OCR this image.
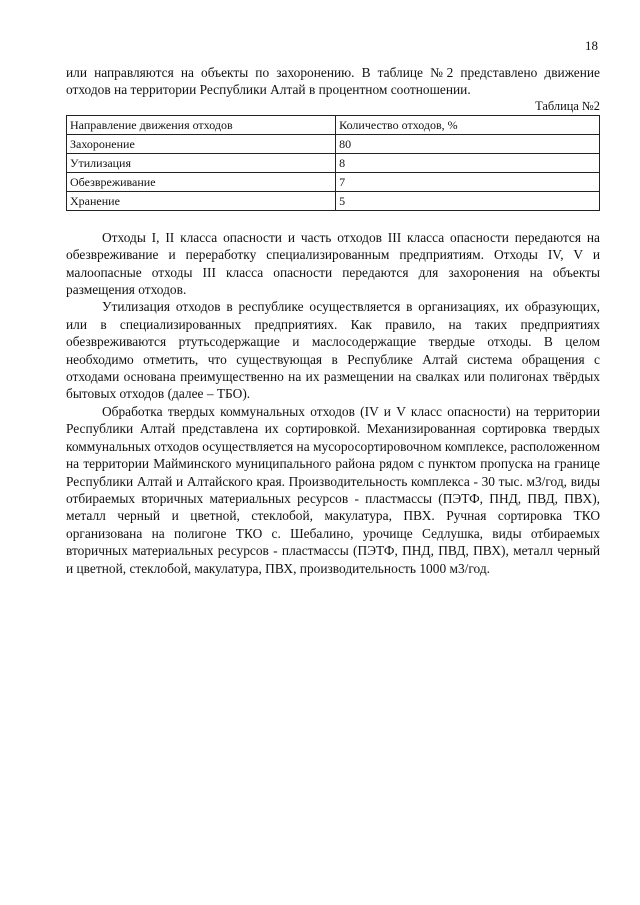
18

или направляются на объекты по захоронению. В таблице №2 представлено движение отходов на территории Республики Алтай в процентном соотношении.

Таблица №2
Направление движения отходов	Количество отходов, %
Захоронение	80
Утилизация	8
Обезвреживание	7
Хранение	5

Отходы I, II класса опасности и часть отходов III класса опасности передаются на обезвреживание и переработку специализированным предприятиям. Отходы IV, V и малоопасные отходы III класса опасности передаются для захоронения на объекты размещения отходов.

Утилизация отходов в республике осуществляется в организациях, их образующих, или в специализированных предприятиях. Как правило, на таких предприятиях обезвреживаются ртутьсодержащие и маслосодержащие твердые отходы. В целом необходимо отметить, что существующая в Республике Алтай система обращения с отходами основана преимущественно на их размещении на свалках или полигонах твёрдых бытовых отходов (далее – ТБО).

Обработка твердых коммунальных отходов (IV и V класс опасности) на территории Республики Алтай представлена их сортировкой. Механизированная сортировка твердых коммунальных отходов осуществляется на мусоросортировочном комплексе, расположенном на территории Майминского муниципального района рядом с пунктом пропуска на границе Республики Алтай и Алтайского края. Производительность комплекса - 30 тыс. м3/год, виды отбираемых вторичных материальных ресурсов - пластмассы (ПЭТФ, ПНД, ПВД, ПВХ), металл черный и цветной, стеклобой, макулатура, ПВХ. Ручная сортировка ТКО организована на полигоне ТКО с. Шебалино, урочище Седлушка, виды отбираемых вторичных материальных ресурсов - пластмассы (ПЭТФ, ПНД, ПВД, ПВХ), металл черный и цветной, стеклобой, макулатура, ПВХ, производительность 1000 м3/год.
